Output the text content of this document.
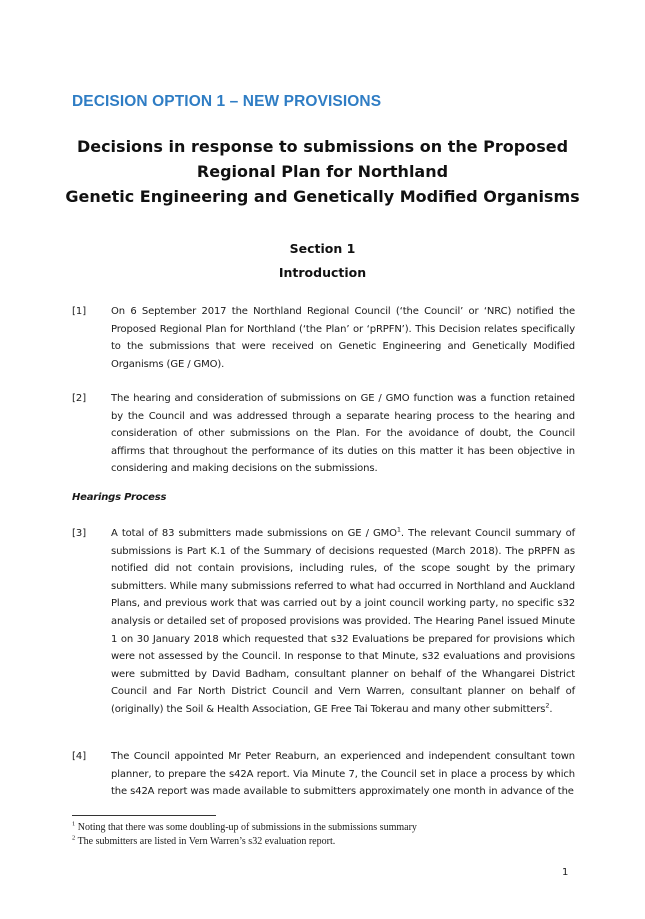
DECISION OPTION 1 – NEW PROVISIONS
Decisions in response to submissions on the Proposed
Regional Plan for Northland
Genetic Engineering and Genetically Modified Organisms
Section 1
Introduction
[1] On 6 September 2017 the Northland Regional Council (‘the Council’ or ‘NRC) notified the Proposed Regional Plan for Northland (‘the Plan’ or ‘pRPFN’). This Decision relates specifically to the submissions that were received on Genetic Engineering and Genetically Modified Organisms (GE / GMO).
[2] The hearing and consideration of submissions on GE / GMO function was a function retained by the Council and was addressed through a separate hearing process to the hearing and consideration of other submissions on the Plan. For the avoidance of doubt, the Council affirms that throughout the performance of its duties on this matter it has been objective in considering and making decisions on the submissions.
Hearings Process
[3] A total of 83 submitters made submissions on GE / GMO$^1$. The relevant Council summary of submissions is Part K.1 of the Summary of decisions requested (March 2018). The pRPFN as notified did not contain provisions, including rules, of the scope sought by the primary submitters. While many submissions referred to what had occurred in Northland and Auckland Plans, and previous work that was carried out by a joint council working party, no specific s32 analysis or detailed set of proposed provisions was provided. The Hearing Panel issued Minute 1 on 30 January 2018 which requested that s32 Evaluations be prepared for provisions which were not assessed by the Council. In response to that Minute, s32 evaluations and provisions were submitted by David Badham, consultant planner on behalf of the Whangarei District Council and Far North District Council and Vern Warren, consultant planner on behalf of (originally) the Soil & Health Association, GE Free Tai Tokerau and many other submitters$^2$.
[4] The Council appointed Mr Peter Reaburn, an experienced and independent consultant town planner, to prepare the s42A report. Via Minute 7, the Council set in place a process by which the s42A report was made available to submitters approximately one month in advance of the
$^1$ Noting that there was some doubling-up of submissions in the submissions summary
$^2$ The submitters are listed in Vern Warren’s s32 evaluation report.
1
